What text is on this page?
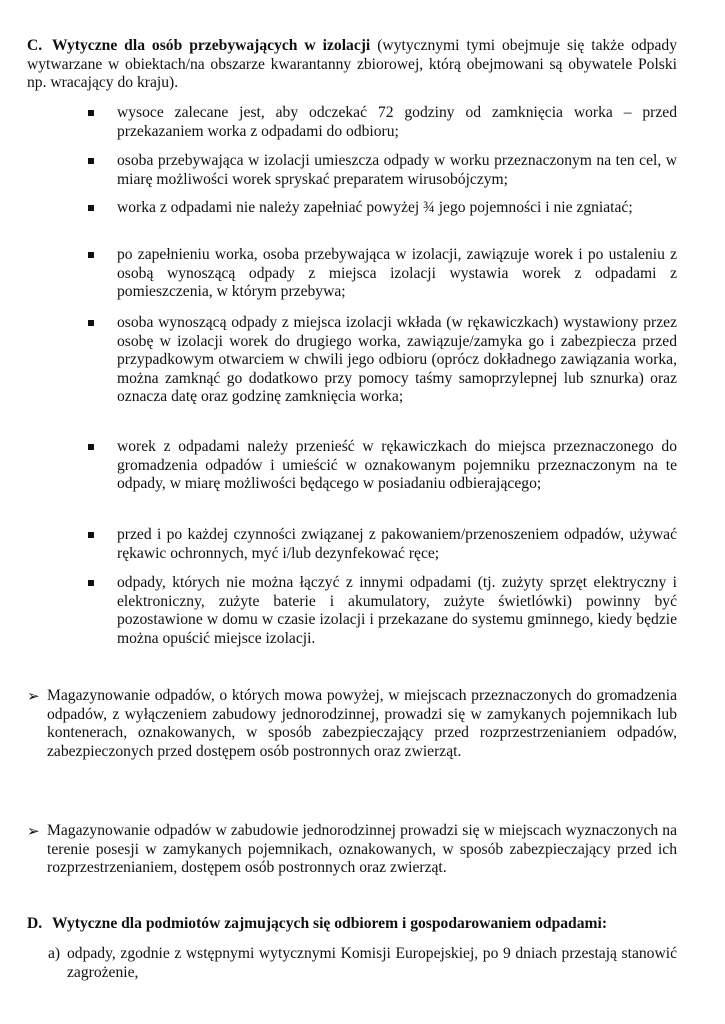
C. Wytyczne dla osób przebywających w izolacji (wytycznymi tymi obejmuje się także odpady wytwarzane w obiektach/na obszarze kwarantanny zbiorowej, którą obejmowani są obywatele Polski np. wracający do kraju).
wysoce zalecane jest, aby odczekać 72 godziny od zamknięcia worka – przed przekazaniem worka z odpadami do odbioru;
osoba przebywająca w izolacji umieszcza odpady w worku przeznaczonym na ten cel, w miarę możliwości worek spryskać preparatem wirusobójczym;
worka z odpadami nie należy zapełniać powyżej ¾ jego pojemności i nie zgniatać;
po zapełnieniu worka, osoba przebywająca w izolacji, zawiązuje worek i po ustaleniu z osobą wynoszącą odpady z miejsca izolacji wystawia worek z odpadami z pomieszczenia, w którym przebywa;
osoba wynoszącą odpady z miejsca izolacji wkłada (w rękawiczkach) wystawiony przez osobę w izolacji worek do drugiego worka, zawiązuje/zamyka go i zabezpiecza przed przypadkowym otwarciem w chwili jego odbioru (oprócz dokładnego zawiązania worka, można zamknąć go dodatkowo przy pomocy taśmy samoprzylepnej lub sznurka) oraz oznacza datę oraz godzinę zamknięcia worka;
worek z odpadami należy przenieść w rękawiczkach do miejsca przeznaczonego do gromadzenia odpadów i umieścić w oznakowanym pojemniku przeznaczonym na te odpady, w miarę możliwości będącego w posiadaniu odbierającego;
przed i po każdej czynności związanej z pakowaniem/przenoszeniem odpadów, używać rękawic ochronnych, myć i/lub dezynfekować ręce;
odpady, których nie można łączyć z innymi odpadami (tj. zużyty sprzęt elektryczny i elektroniczny, zużyte baterie i akumulatory, zużyte świetlówki) powinny być pozostawione w domu w czasie izolacji i przekazane do systemu gminnego, kiedy będzie można opuścić miejsce izolacji.
➢ Magazynowanie odpadów, o których mowa powyżej, w miejscach przeznaczonych do gromadzenia odpadów, z wyłączeniem zabudowy jednorodzinnej, prowadzi się w zamykanych pojemnikach lub kontenerach, oznakowanych, w sposób zabezpieczający przed rozprzestrzenianiem odpadów, zabezpieczonych przed dostępem osób postronnych oraz zwierząt.
➢ Magazynowanie odpadów w zabudowie jednorodzinnej prowadzi się w miejscach wyznaczonych na terenie posesji w zamykanych pojemnikach, oznakowanych, w sposób zabezpieczający przed ich rozprzestrzenianiem, dostępem osób postronnych oraz zwierząt.
D. Wytyczne dla podmiotów zajmujących się odbiorem i gospodarowaniem odpadami:
a) odpady, zgodnie z wstępnymi wytycznymi Komisji Europejskiej, po 9 dniach przestają stanowić zagrożenie,
